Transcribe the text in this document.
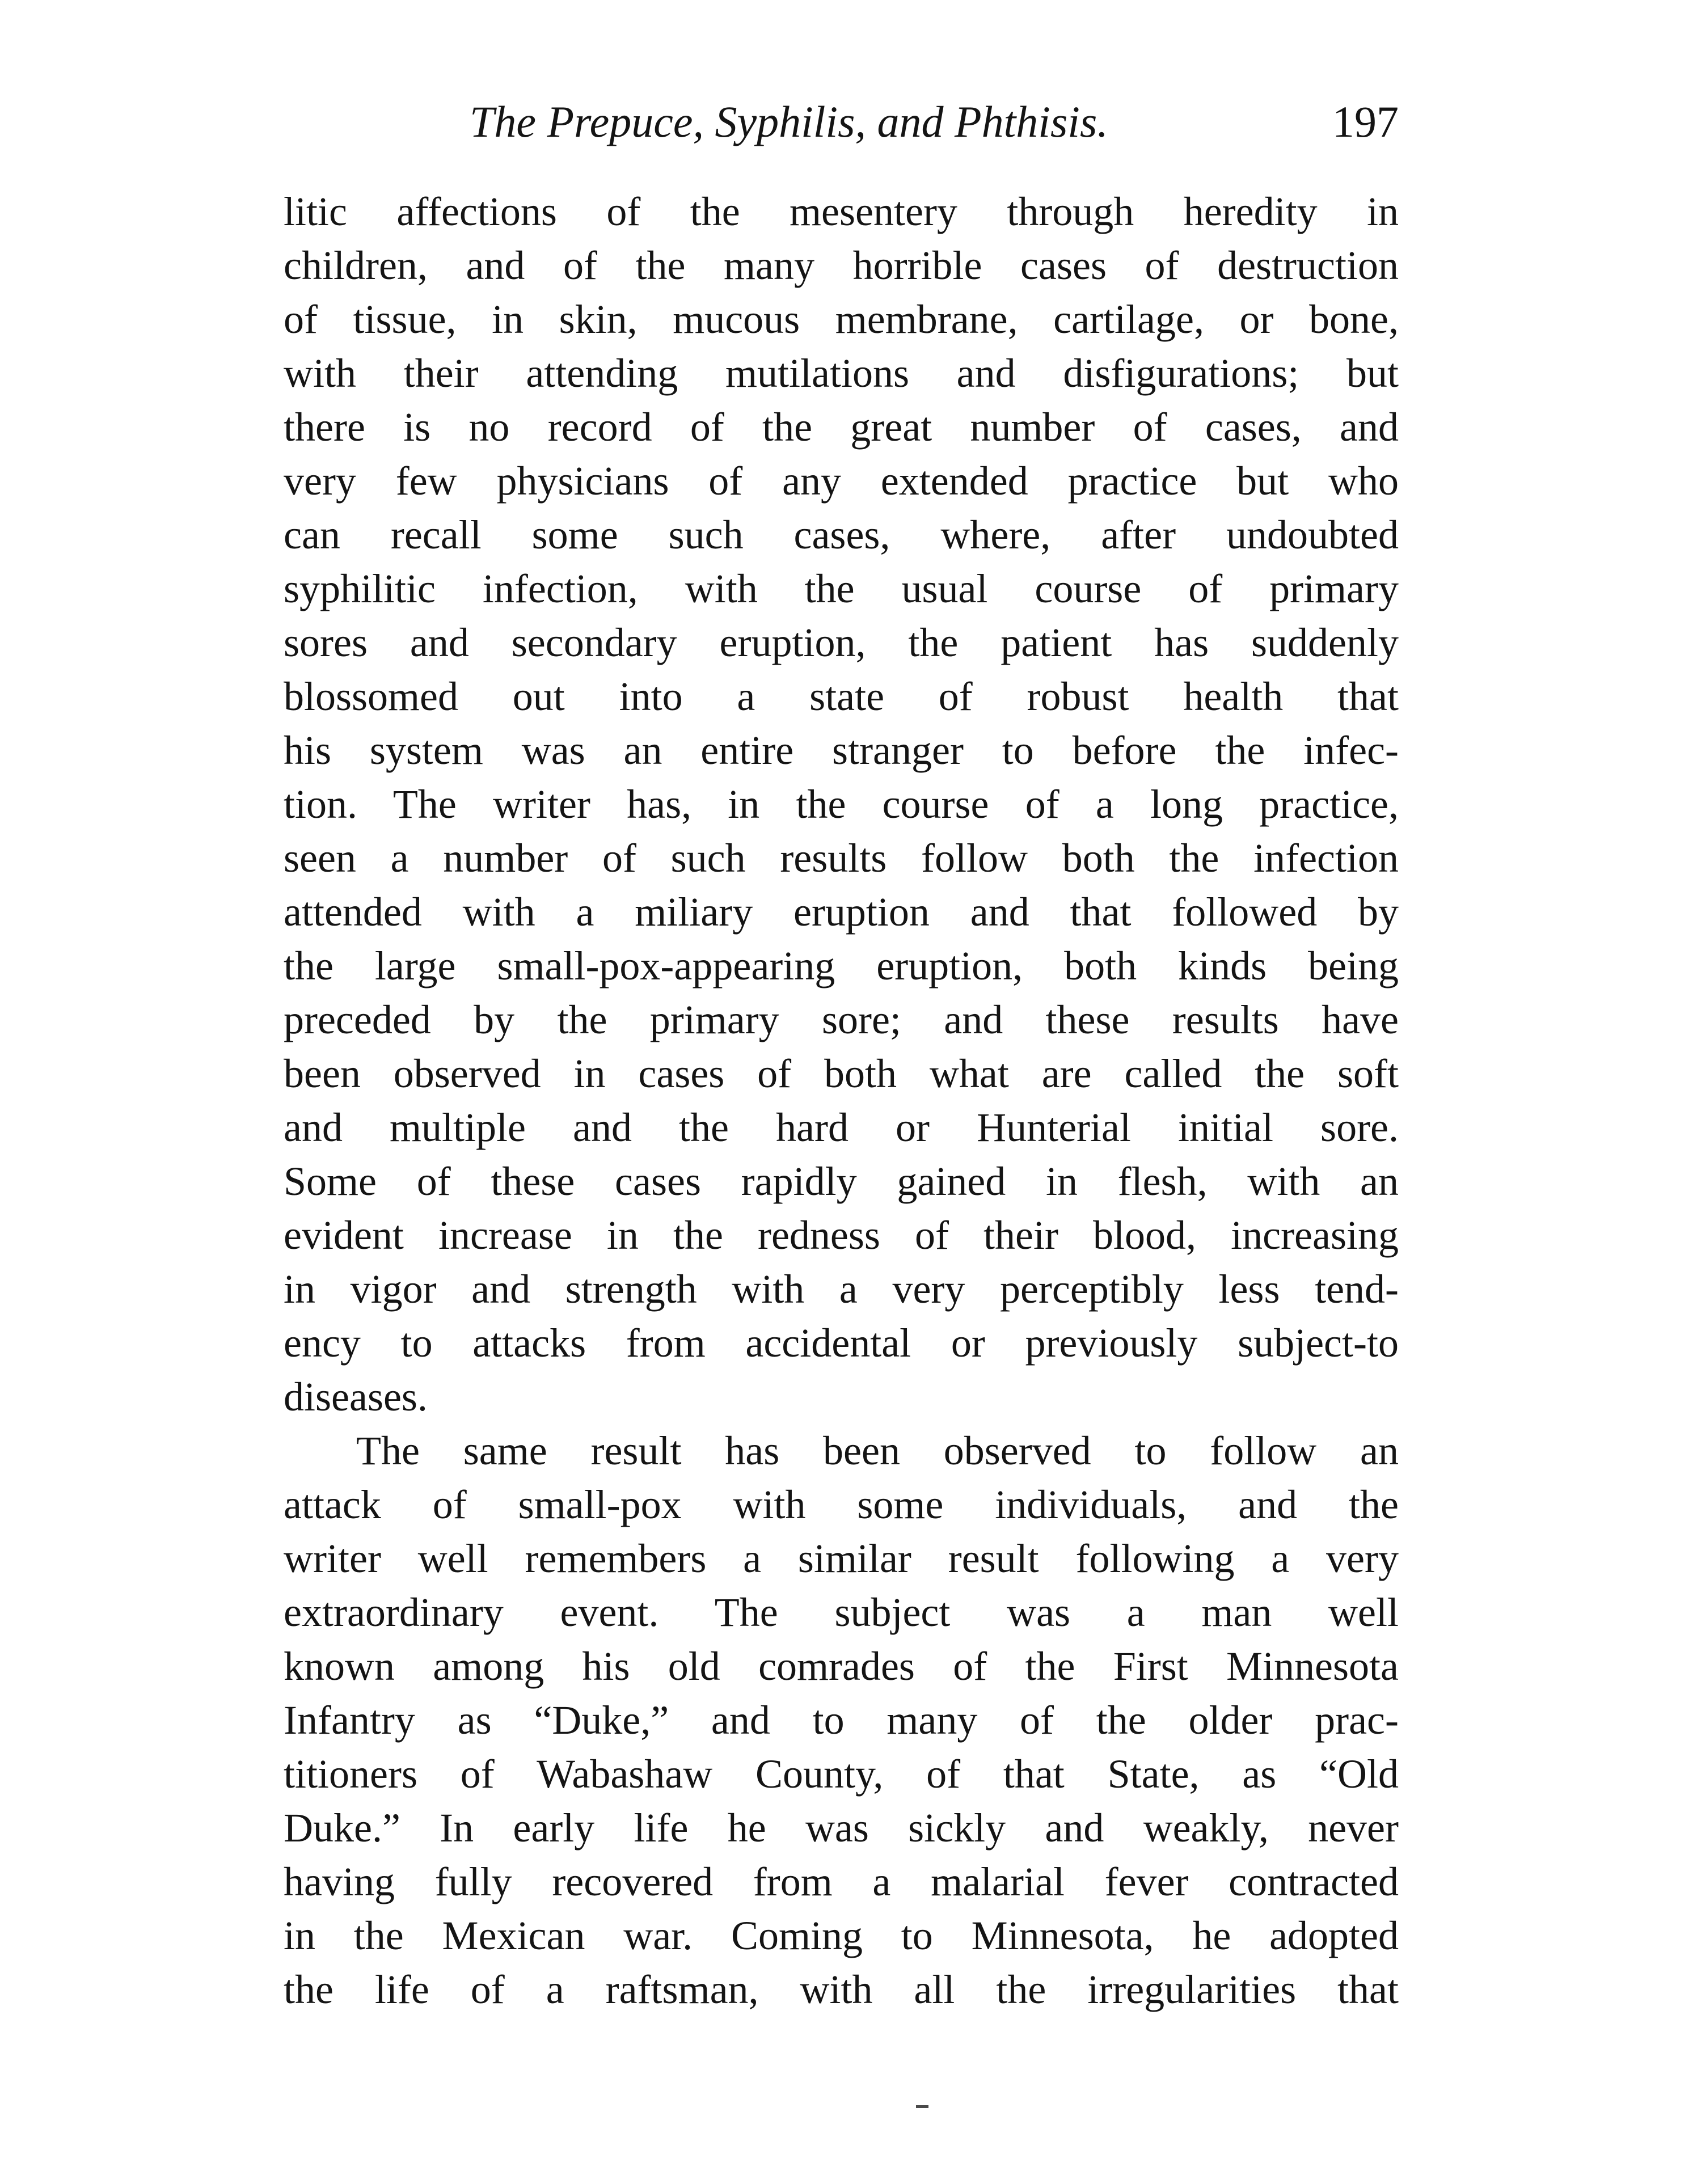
The Prepuce, Syphilis, and Phthisis.	197
litic affections of the mesentery through heredity in
children, and of the many horrible cases of destruction
of tissue, in skin, mucous membrane, cartilage, or bone,
with their attending mutilations and disfigurations; but
there is no record of the great number of cases, and
very few physicians of any extended practice but who
can recall some such cases, where, after undoubted
syphilitic infection, with the usual course of primary
sores and secondary eruption, the patient has suddenly
blossomed out into a state of robust health that
his system was an entire stranger to before the infec-
tion. The writer has, in the course of a long practice,
seen a number of such results follow both the infection
attended with a miliary eruption and that followed by
the large small-pox-appearing eruption, both kinds being
preceded by the primary sore; and these results have
been observed in cases of both what are called the soft
and multiple and the hard or Hunterial initial sore.
Some of these cases rapidly gained in flesh, with an
evident increase in the redness of their blood, increasing
in vigor and strength with a very perceptibly less tend-
ency to attacks from accidental or previously subject-to
diseases.
The same result has been observed to follow an
attack of small-pox with some individuals, and the
writer well remembers a similar result following a very
extraordinary event. The subject was a man well
known among his old comrades of the First Minnesota
Infantry as “Duke,” and to many of the older prac-
titioners of Wabashaw County, of that State, as “Old
Duke.” In early life he was sickly and weakly, never
having fully recovered from a malarial fever contracted
in the Mexican war. Coming to Minnesota, he adopted
the life of a raftsman, with all the irregularities that
